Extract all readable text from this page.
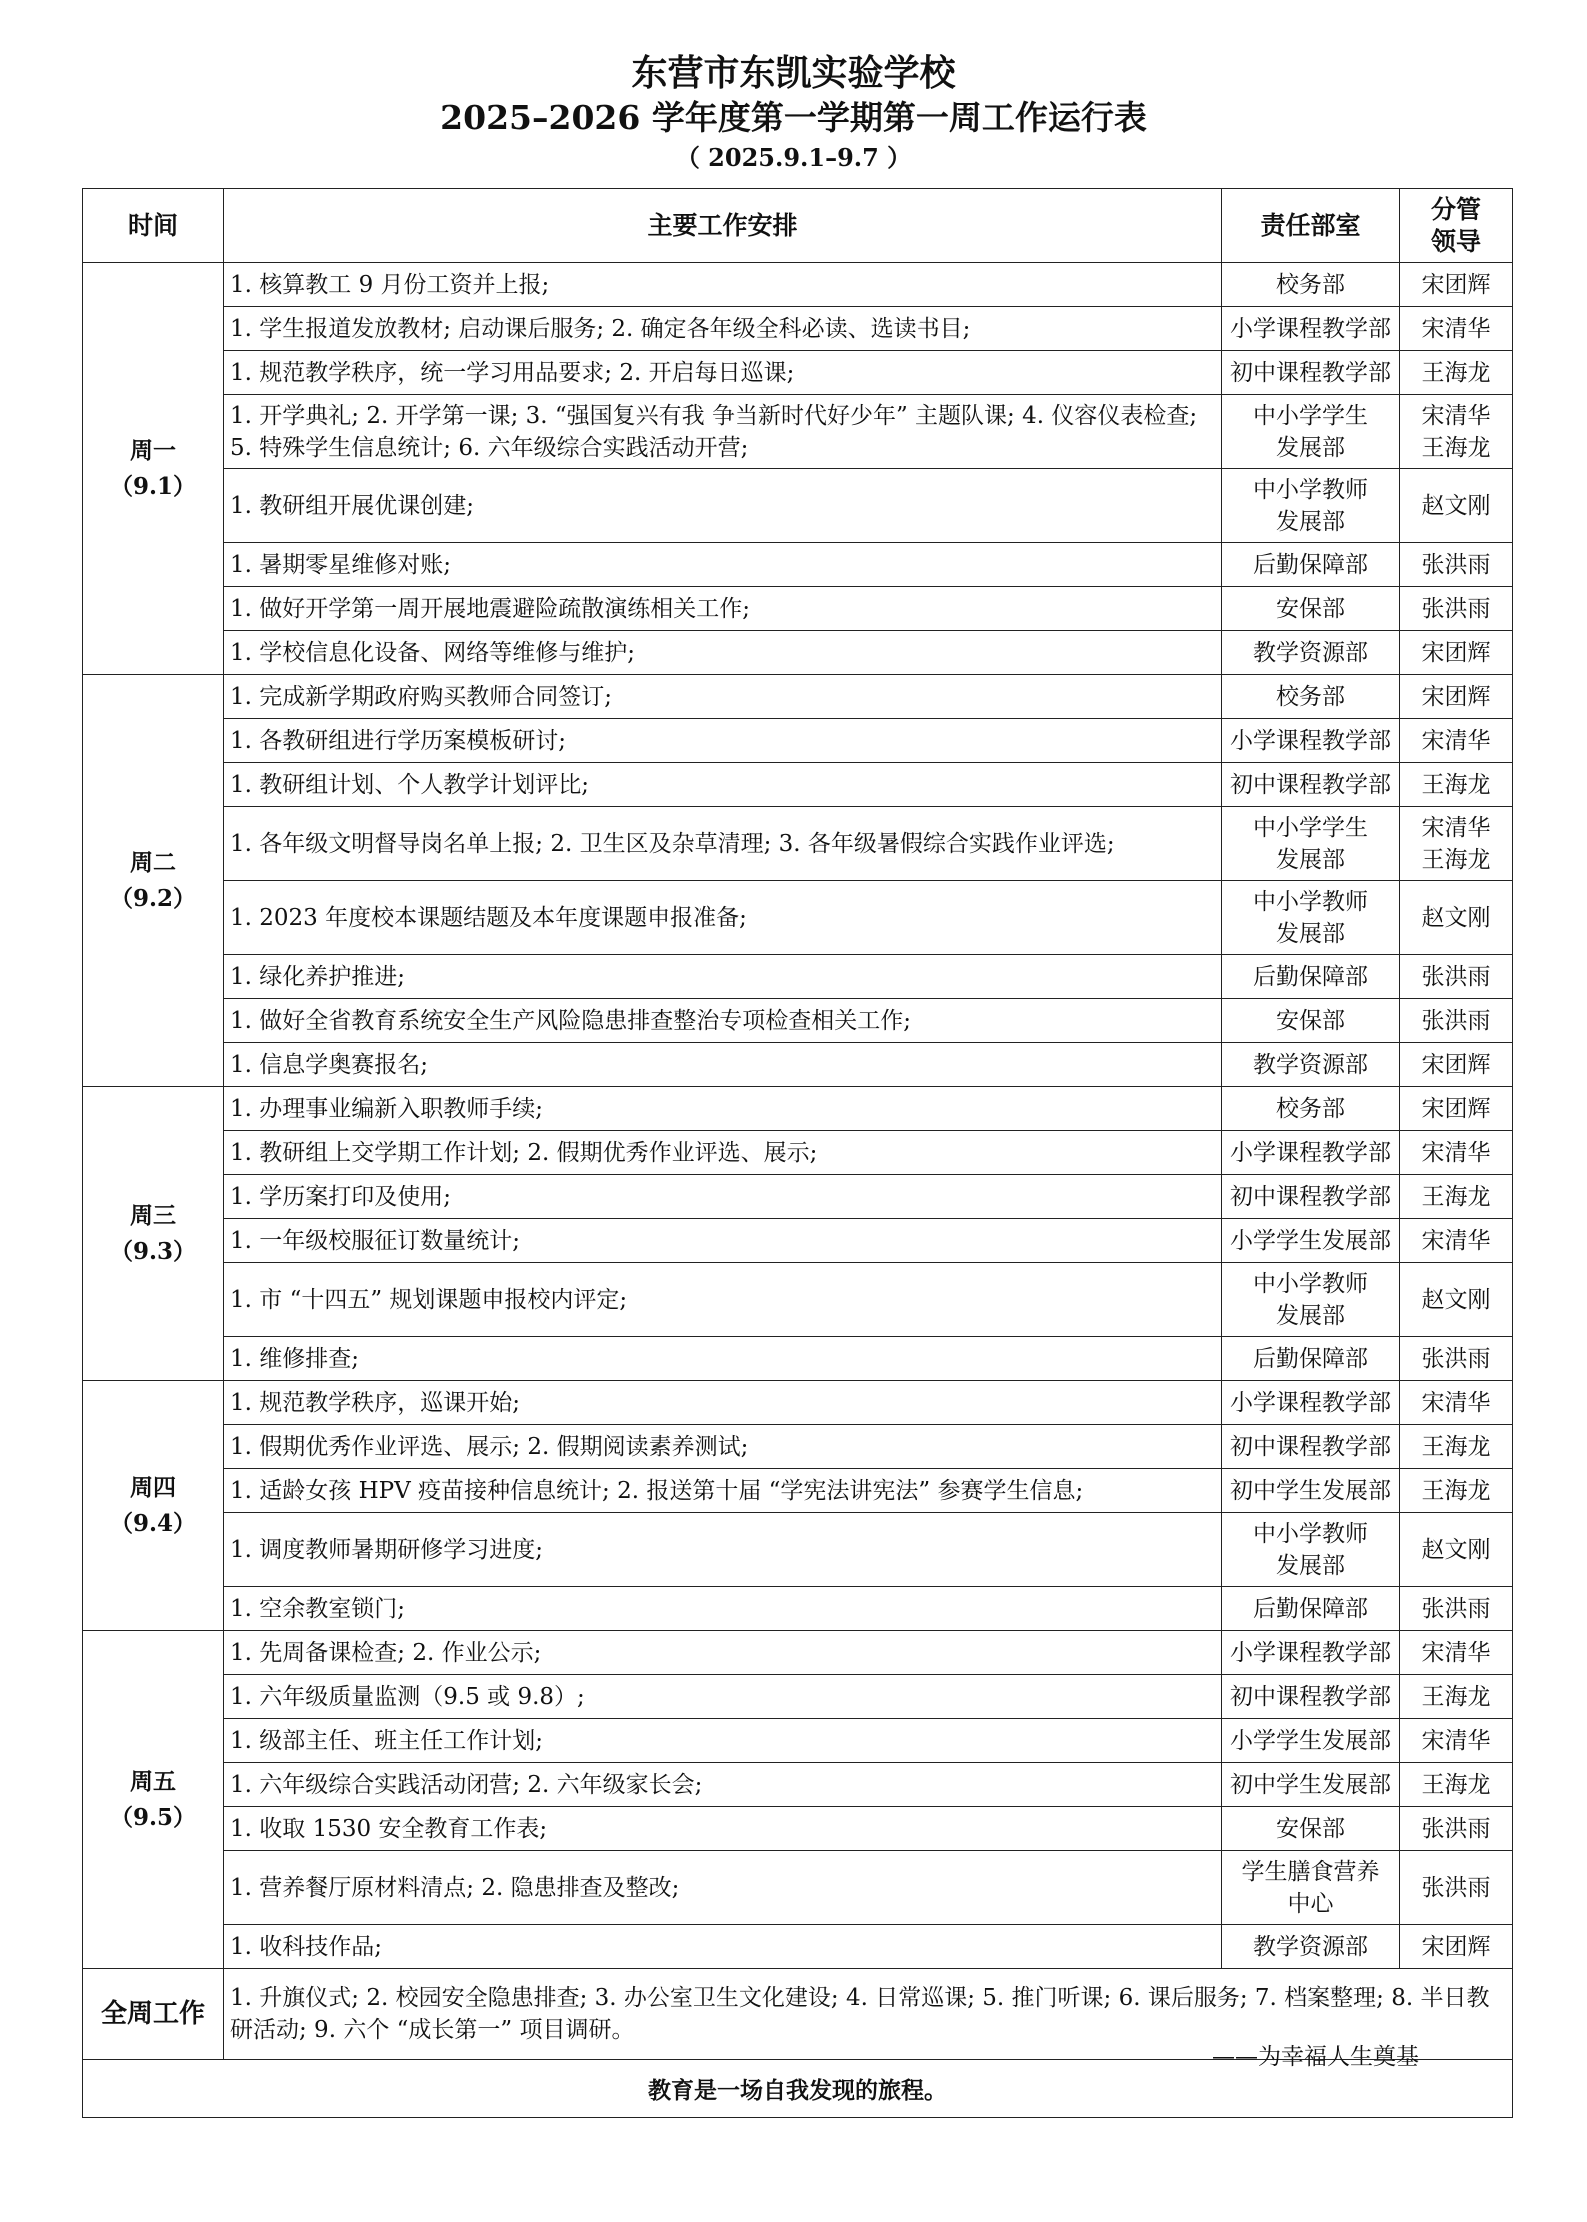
东营市东凯实验学校
2025–2026 学年度第一学期第一周工作运行表
（ 2025.9.1–9.7 ）
时间	主要工作安排	责任部室	分管
领导

周一
（9.1）	1. 核算教工 9 月份工资并上报;	校务部	宋团辉

	1. 学生报道发放教材; 启动课后服务; 2. 确定各年级全科必读、选读书目;	小学课程教学部	宋清华

	1. 规范教学秩序，统一学习用品要求; 2. 开启每日巡课;	初中课程教学部	王海龙

	1. 开学典礼; 2. 开学第一课; 3. “强国复兴有我 争当新时代好少年” 主题队课; 4. 仪容仪表检查; 5. 特殊学生信息统计; 6. 六年级综合实践活动开营;	中小学学生
发展部	宋清华
王海龙

	1. 教研组开展优课创建;	中小学教师
发展部	赵文刚

	1. 暑期零星维修对账;	后勤保障部	张洪雨

	1. 做好开学第一周开展地震避险疏散演练相关工作;	安保部	张洪雨

	1. 学校信息化设备、网络等维修与维护;	教学资源部	宋团辉

周二
（9.2）	1. 完成新学期政府购买教师合同签订;	校务部	宋团辉

	1. 各教研组进行学历案模板研讨;	小学课程教学部	宋清华

	1. 教研组计划、个人教学计划评比;	初中课程教学部	王海龙

	1. 各年级文明督导岗名单上报; 2. 卫生区及杂草清理; 3. 各年级暑假综合实践作业评选;	中小学学生
发展部	宋清华
王海龙

	1. 2023 年度校本课题结题及本年度课题申报准备;	中小学教师
发展部	赵文刚

	1. 绿化养护推进;	后勤保障部	张洪雨

	1. 做好全省教育系统安全生产风险隐患排查整治专项检查相关工作;	安保部	张洪雨

	1. 信息学奥赛报名;	教学资源部	宋团辉

周三
（9.3）	1. 办理事业编新入职教师手续;	校务部	宋团辉

	1. 教研组上交学期工作计划; 2. 假期优秀作业评选、展示;	小学课程教学部	宋清华

	1. 学历案打印及使用;	初中课程教学部	王海龙

	1. 一年级校服征订数量统计;	小学学生发展部	宋清华

	1. 市 “十四五” 规划课题申报校内评定;	中小学教师
发展部	赵文刚

	1. 维修排查;	后勤保障部	张洪雨

周四
（9.4）	1. 规范教学秩序，巡课开始;	小学课程教学部	宋清华

	1. 假期优秀作业评选、展示; 2. 假期阅读素养测试;	初中课程教学部	王海龙

	1. 适龄女孩 HPV 疫苗接种信息统计; 2. 报送第十届 “学宪法讲宪法” 参赛学生信息;	初中学生发展部	王海龙

	1. 调度教师暑期研修学习进度;	中小学教师
发展部	赵文刚

	1. 空余教室锁门;	后勤保障部	张洪雨

周五
（9.5）	1. 先周备课检查; 2. 作业公示;	小学课程教学部	宋清华

	1. 六年级质量监测（9.5 或 9.8）;	初中课程教学部	王海龙

	1. 级部主任、班主任工作计划;	小学学生发展部	宋清华

	1. 六年级综合实践活动闭营; 2. 六年级家长会;	初中学生发展部	王海龙

	1. 收取 1530 安全教育工作表;	安保部	张洪雨

	1. 营养餐厅原材料清点; 2. 隐患排查及整改;	学生膳食营养
中心	张洪雨

	1. 收科技作品;	教学资源部	宋团辉

全周工作	1. 升旗仪式; 2. 校园安全隐患排查; 3. 办公室卫生文化建设; 4. 日常巡课; 5. 推门听课; 6. 课后服务; 7. 档案整理; 8. 半日教研活动; 9. 六个 “成长第一” 项目调研。		
教育是一场自我发现的旅程。			
——为幸福人生奠基
